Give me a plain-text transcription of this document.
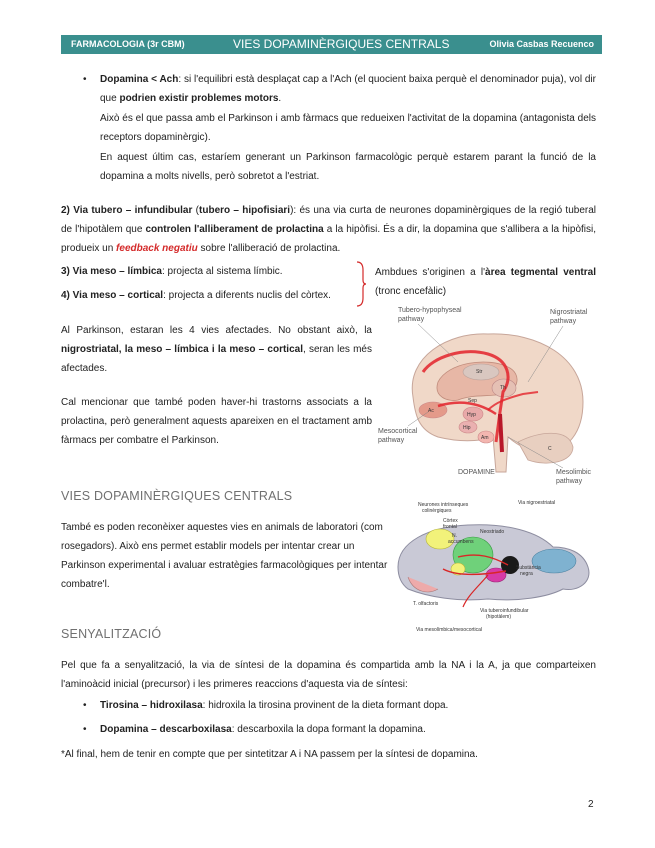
FARMACOLOGIA (3r CBM)	VIES DOPAMINÈRGIQUES CENTRALS	Olivia Casbas Recuenco
• Dopamina < Ach: si l'equilibri està desplaçat cap a l'Ach (el quocient baixa perquè el denominador puja), vol dir que podrien existir problemes motors.
Això és el que passa amb el Parkinson i amb fàrmacs que redueixen l'activitat de la dopamina (antagonista dels receptors dopaminèrgic).
En aquest últim cas, estaríem generant un Parkinson farmacològic perquè estarem parant la funció de la dopamina a molts nivells, però sobretot a l'estriat.
2) Via tubero – infundibular (tubero – hipofisiari): és una via curta de neurones dopaminèrgiques de la regió tuberal de l'hipotàlem que controlen l'alliberament de prolactina a la hipòfisi. És a dir, la dopamina que s'allibera a la hipòfisi, produeix un feedback negatiu sobre l'alliberació de prolactina.
3) Via meso – límbica: projecta al sistema límbic.
4) Via meso – cortical: projecta a diferents nuclis del còrtex.
Ambdues s'originen a l'àrea tegmental ventral (tronc encefàlic)
Al Parkinson, estaran les 4 vies afectades. No obstant això, la nigrostriatal, la meso – límbica i la meso – cortical, seran les més afectades.
Cal mencionar que també poden haver-hi trastorns associats a la prolactina, però generalment aquests apareixen en el tractament amb fàrmacs per combatre el Parkinson.
Str
Th
Sep
Hyp
Ac
Hip
Am
C
Tubero-hypophyseal
pathway
Nigrostriatal
pathway
Mesocortical
pathway
Mesolimbic
pathway
DOPAMINE
VIES DOPAMINÈRGIQUES CENTRALS
També es poden reconèixer aquestes vies en animals de laboratori (com rosegadors). Això ens permet establir models per intentar crear un Parkinson experimental i avaluar estratègies farmacològiques per intentar combatre'l.
Neurones intrínseques
colinèrgiques
Via nigroestriatal
Còrtex
frontal
N.
accumbens
Neostriado
Substància
negra
T. olfactoris
Via tuberoinfundibular
(hipotàlem)
Via mesolímbica/mesocortical
SENYALITZACIÓ
Pel que fa a senyalització, la via de síntesi de la dopamina és compartida amb la NA i la A, ja que comparteixen l'aminoàcid inicial (precursor) i les primeres reaccions d'aquesta via de síntesi:
• Tirosina – hidroxilasa: hidroxila la tirosina provinent de la dieta formant dopa.
• Dopamina – descarboxilasa: descarboxila la dopa formant la dopamina.
*Al final, hem de tenir en compte que per sintetitzar A i NA passem per la síntesi de dopamina.
2
